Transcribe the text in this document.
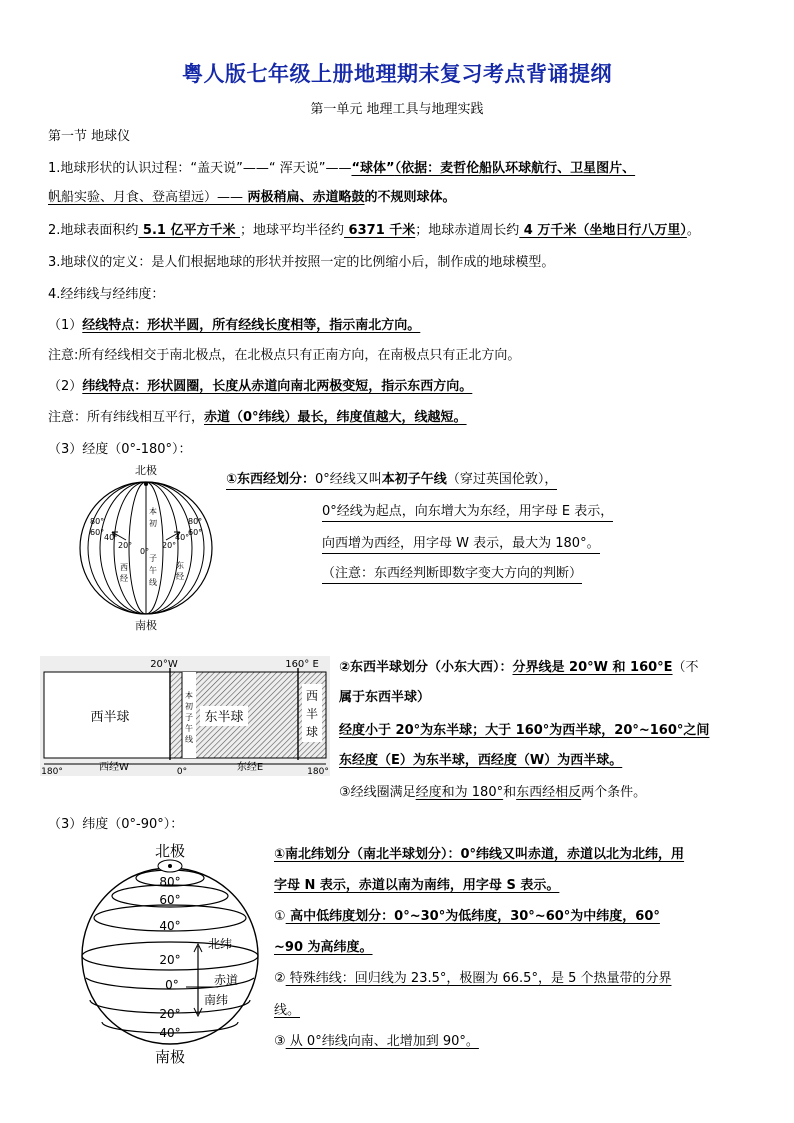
粤人版七年级上册地理期末复习考点背诵提纲
第一单元 地理工具与地理实践
第一节 地球仪
1.地球形状的认识过程：“盖天说”——“ 浑天说”——“球体”（依据：麦哲伦船队环球航行、卫星图片、
帆船实验、月食、登高望远）—— 两极稍扁、赤道略鼓的不规则球体。
2.地球表面积约 5.1 亿平方千米 ；地球平均半径约 6371 千米；地球赤道周长约 4 万千米（坐地日行八万里）。
3.地球仪的定义：是人们根据地球的形状并按照一定的比例缩小后，制作成的地球模型。
4.经纬线与经纬度：
（1）经线特点：形状半圆，所有经线长度相等，指示南北方向。
注意:所有经线相交于南北极点，在北极点只有正南方向，在南极点只有正北方向。
（2）纬线特点：形状圆圈，长度从赤道向南北两极变短，指示东西方向。
注意：所有纬线相互平行，赤道（0°纬线）最长，纬度值越大，线越短。
（3）经度（0°-180°）：
北极
南极
80°
60°
40°
20°
80°
60°
40°
20°
0°
西
经
东
经
本
初
子
午
线
①东西经划分：0°经线又叫本初子午线（穿过英国伦敦），
0°经线为起点，向东增大为东经，用字母 E 表示，
向西增为西经，用字母 W 表示，最大为 180°。
（注意：东西经判断即数字变大方向的判断）
20°W	160° E
西半球	东半球
本
初
子
午
线
西
半
球
180°	西经W	0°	东经E	180°
②东西半球划分（小东大西）：分界线是 20°W 和 160°E（不
属于东西半球）
经度小于 20°为东半球；大于 160°为西半球，20°~160°之间
东经度（E）为东半球，西经度（W）为西半球。
③经线圈满足经度和为 180°和东西经相反两个条件。
（3）纬度（0°-90°）：
北极
南极
80°
60°
40°
20°
0°
20°
40°
北纬
赤道
南纬
①南北纬划分（南北半球划分）：0°纬线又叫赤道，赤道以北为北纬，用
字母 N 表示，赤道以南为南纬，用字母 S 表示。
① 高中低纬度划分：0°~30°为低纬度，30°~60°为中纬度，60°
~90 为高纬度。
② 特殊纬线：回归线为 23.5°，极圈为 66.5°，是 5 个热量带的分界
线。
③ 从 0°纬线向南、北增加到 90°。
